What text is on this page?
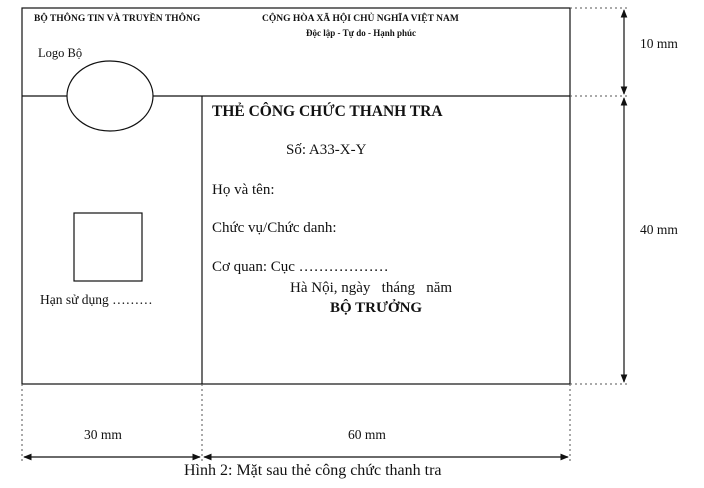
BỘ THÔNG TIN VÀ TRUYỀN THÔNG	CỘNG HÒA XÃ HỘI CHỦ NGHĨA VIỆT NAM
Độc lập - Tự do - Hạnh phúc
Logo Bộ
Hạn sử dụng ………
THẺ CÔNG CHỨC THANH TRA
Số: A33-X-Y
Họ và tên:
Chức vụ/Chức danh:
Cơ quan: Cục ………………
Hà Nội, ngày   tháng   năm
BỘ TRƯỞNG
10 mm
40 mm
30 mm	60 mm
Hình 2: Mặt sau thẻ công chức thanh tra
